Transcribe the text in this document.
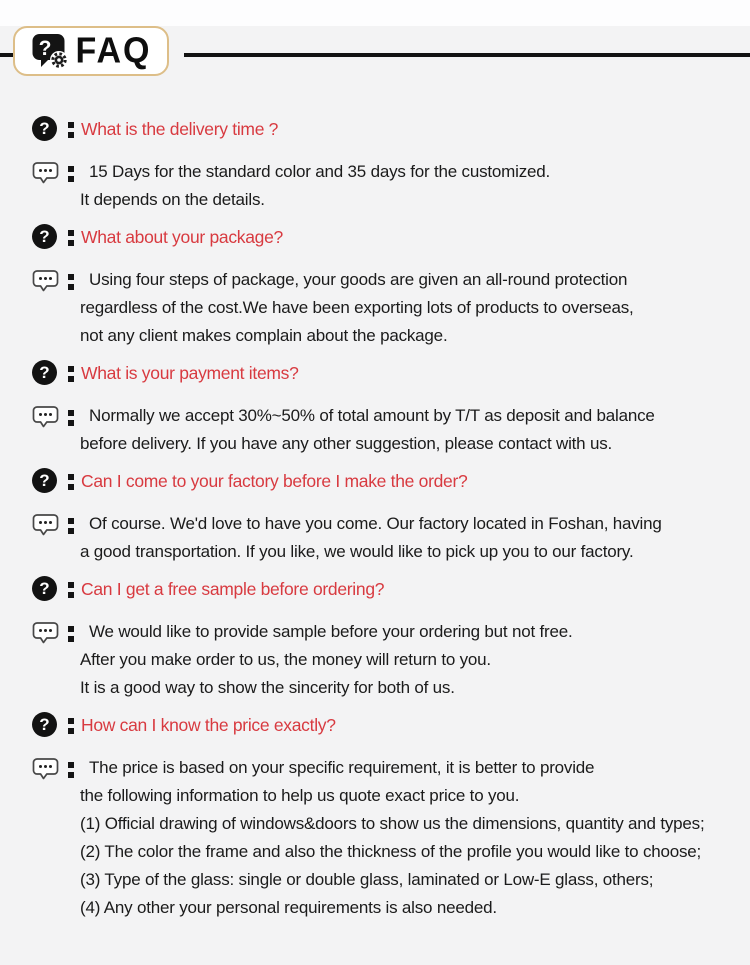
? FAQ
?	What is the delivery time ?
15 Days for the standard color and 35 days for the customized.
It depends on the details.
?	What about your package?
Using four steps of package, your goods are given an all-round protection
regardless of the cost.We have been exporting lots of products to overseas,
not any client makes complain about the package.
?	What is your payment items?
Normally we accept 30%~50% of total amount by T/T as deposit and balance
before delivery. If you have any other suggestion, please contact with us.
?	Can I come to your factory before I make the order?
Of course. We'd love to have you come. Our factory located in Foshan, having
a good transportation. If you like, we would like to pick up you to our factory.
?	Can I get a free sample before ordering?
We would like to provide sample before your ordering but not free.
After you make order to us, the money will return to you.
It is a good way to show the sincerity for both of us.
?	How can I know the price exactly?
The price is based on your specific requirement, it is better to provide
the following information to help us quote exact price to you.
(1) Official drawing of windows&doors to show us the dimensions, quantity and types;
(2) The color the frame and also the thickness of the profile you would like to choose;
(3) Type of the glass: single or double glass, laminated or Low-E glass, others;
(4) Any other your personal requirements is also needed.
